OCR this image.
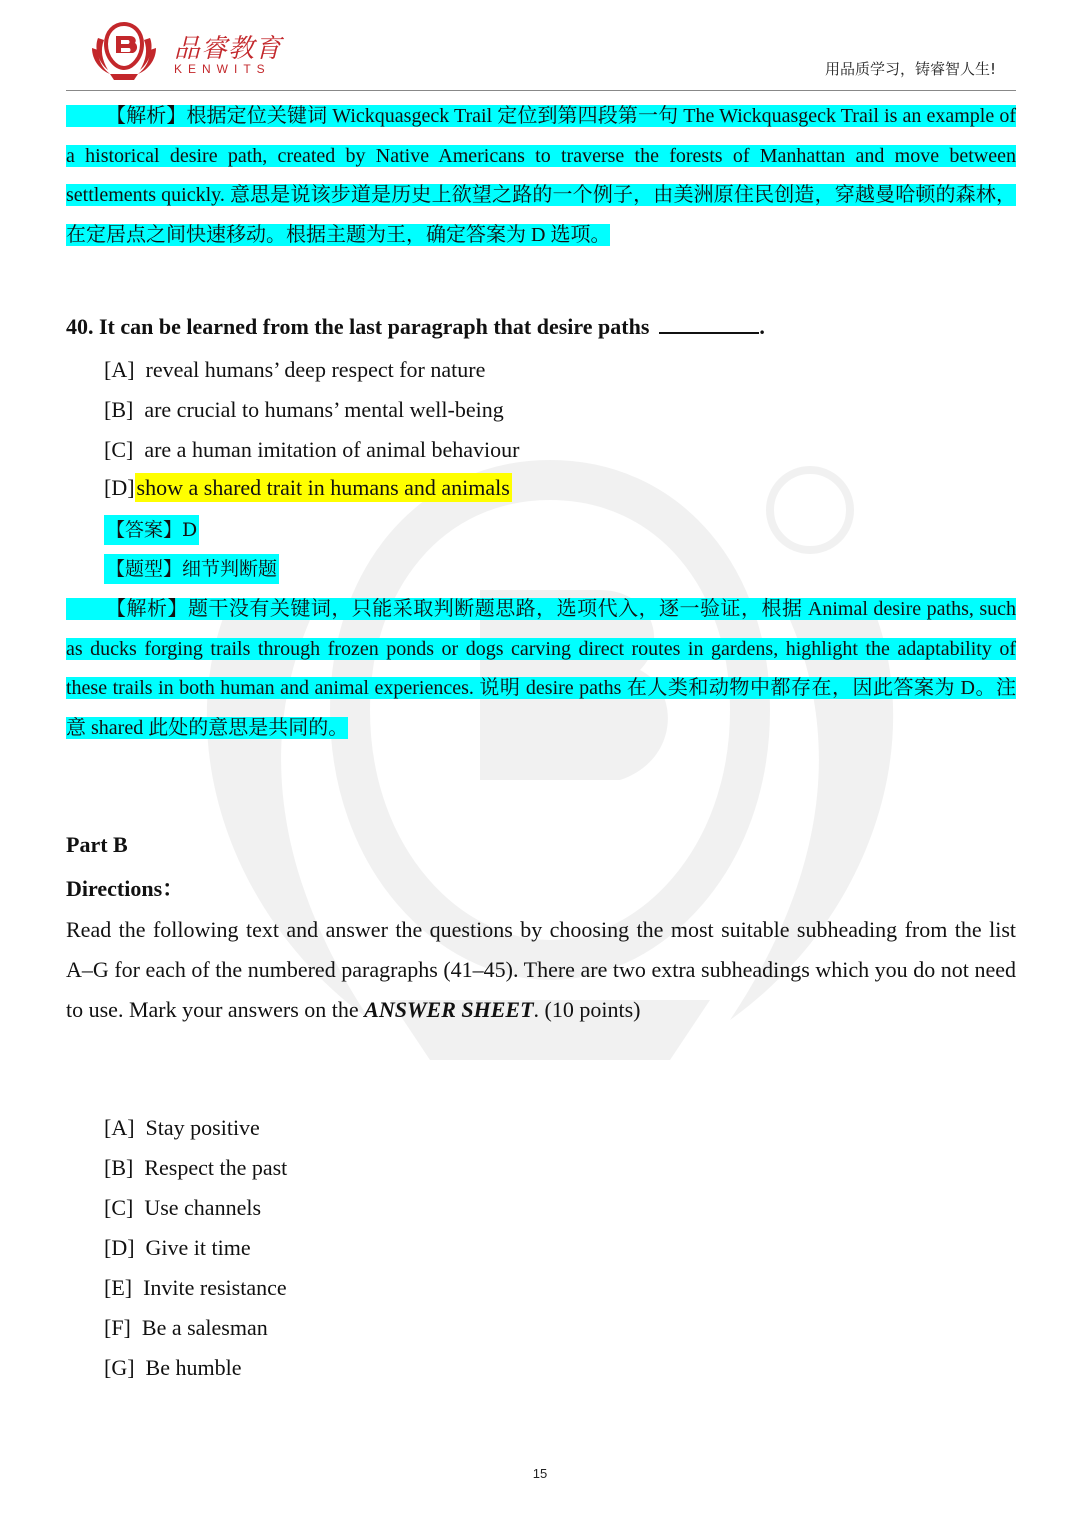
品睿教育
KENWITS	用品质学习，铸睿智人生!

【解析】根据定位关键词 Wickquasgeck Trail 定位到第四段第一句 The Wickquasgeck Trail is an example of a historical desire path, created by Native Americans to traverse the forests of Manhattan and move between settlements quickly. 意思是说该步道是历史上欲望之路的一个例子，由美洲原住民创造，穿越曼哈顿的森林，在定居点之间快速移动。根据主题为王，确定答案为 D 选项。

40. It can be learned from the last paragraph that desire paths	.
[A] reveal humans’ deep respect for nature
[B] are crucial to humans’ mental well-being
[C] are a human imitation of animal behaviour
[D]show a shared trait in humans and animals
【答案】D
【题型】细节判断题
【解析】题干没有关键词，只能采取判断题思路，选项代入，逐一验证，根据 Animal desire paths, such as ducks forging trails through frozen ponds or dogs carving direct routes in gardens, highlight the adaptability of these trails in both human and animal experiences. 说明 desire paths 在人类和动物中都存在，因此答案为 D。注意 shared 此处的意思是共同的。
Part B
Directions：
Read the following text and answer the questions by choosing the most suitable subheading from the list A–G for each of the numbered paragraphs (41–45). There are two extra subheadings which you do not need to use. Mark your answers on the ANSWER SHEET. (10 points)
[A] Stay positive
[B] Respect the past
[C] Use channels
[D] Give it time
[E] Invite resistance
[F] Be a salesman
[G] Be humble
15
